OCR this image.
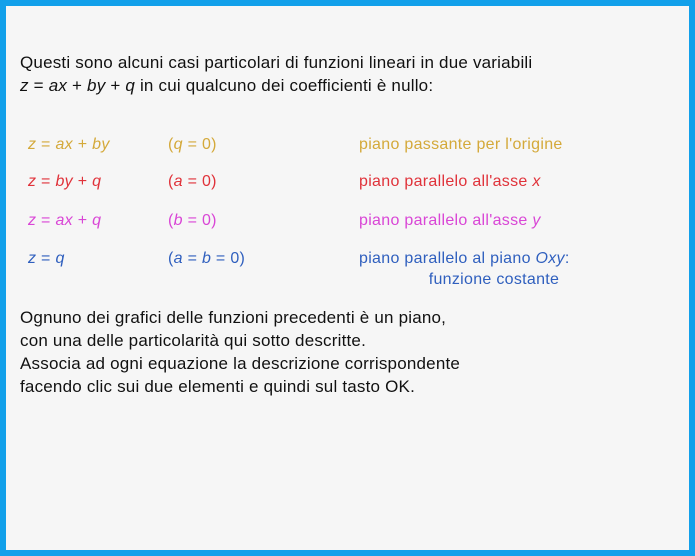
Questi sono alcuni casi particolari di funzioni lineari in due variabili
z = ax + by + q in cui qualcuno dei coefficienti è nullo:
z = ax + by	(q = 0)	piano passante per l'origine
z = by + q	(a = 0)	piano parallelo all'asse x
z = ax + q	(b = 0)	piano parallelo all'asse y
z = q	(a = b = 0)	piano parallelo al piano Oxy:
funzione costante
Ognuno dei grafici delle funzioni precedenti è un piano,
con una delle particolarità qui sotto descritte.
Associa ad ogni equazione la descrizione corrispondente
facendo clic sui due elementi e quindi sul tasto OK.
